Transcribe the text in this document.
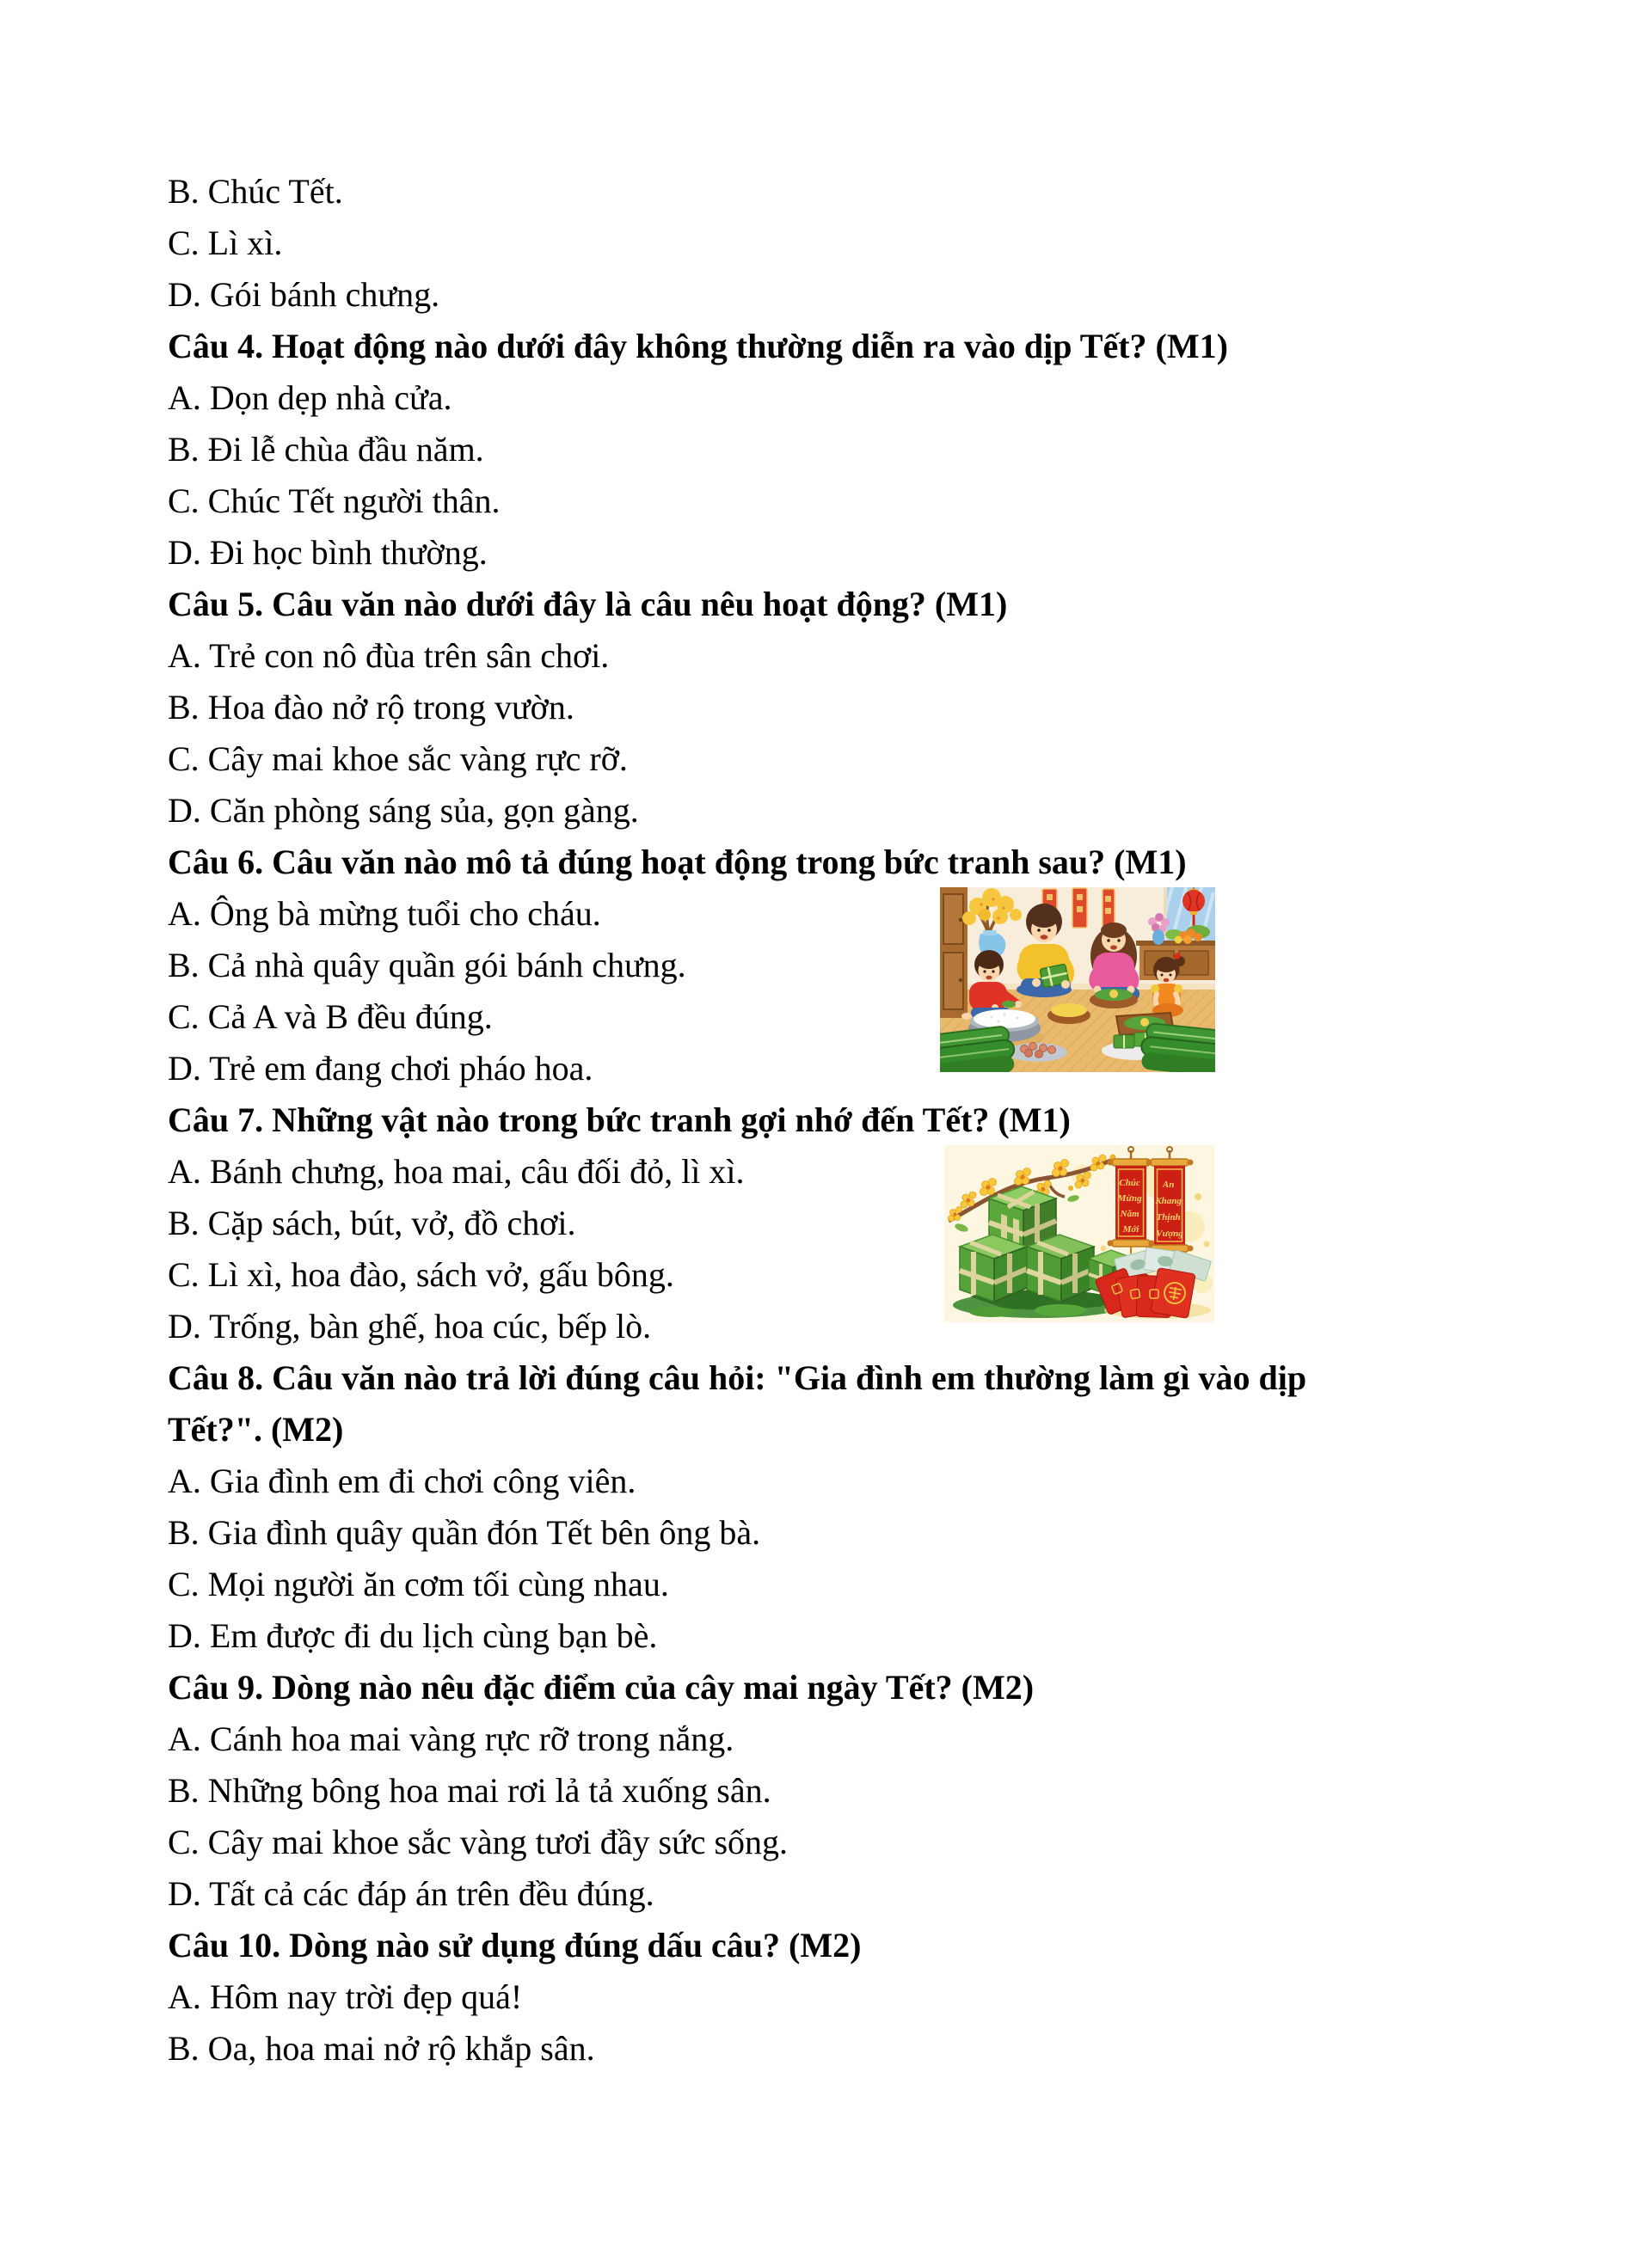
B. Chúc Tết.
C. Lì xì.
D. Gói bánh chưng.
Câu 4. Hoạt động nào dưới đây không thường diễn ra vào dịp Tết? (M1)
A. Dọn dẹp nhà cửa.
B. Đi lễ chùa đầu năm.
C. Chúc Tết người thân.
D. Đi học bình thường.
Câu 5. Câu văn nào dưới đây là câu nêu hoạt động? (M1)
A. Trẻ con nô đùa trên sân chơi.
B. Hoa đào nở rộ trong vườn.
C. Cây mai khoe sắc vàng rực rỡ.
D. Căn phòng sáng sủa, gọn gàng.
Câu 6. Câu văn nào mô tả đúng hoạt động trong bức tranh sau? (M1)
A. Ông bà mừng tuổi cho cháu.
B. Cả nhà quây quần gói bánh chưng.
C. Cả A và B đều đúng.
D. Trẻ em đang chơi pháo hoa.
Câu 7. Những vật nào trong bức tranh gợi nhớ đến Tết? (M1)
A. Bánh chưng, hoa mai, câu đối đỏ, lì xì.
B. Cặp sách, bút, vở, đồ chơi.
C. Lì xì, hoa đào, sách vở, gấu bông.
D. Trống, bàn ghế, hoa cúc, bếp lò.
Câu 8. Câu văn nào trả lời đúng câu hỏi: "Gia đình em thường làm gì vào dịp
Tết?". (M2)
A. Gia đình em đi chơi công viên.
B. Gia đình quây quần đón Tết bên ông bà.
C. Mọi người ăn cơm tối cùng nhau.
D. Em được đi du lịch cùng bạn bè.
Câu 9. Dòng nào nêu đặc điểm của cây mai ngày Tết? (M2)
A. Cánh hoa mai vàng rực rỡ trong nắng.
B. Những bông hoa mai rơi lả tả xuống sân.
C. Cây mai khoe sắc vàng tươi đầy sức sống.
D. Tất cả các đáp án trên đều đúng.
Câu 10. Dòng nào sử dụng đúng dấu câu? (M2)
A. Hôm nay trời đẹp quá!
B. Oa, hoa mai nở rộ khắp sân.
Chúc Mừng Năm Mới
An Khang Thịnh Vượng
